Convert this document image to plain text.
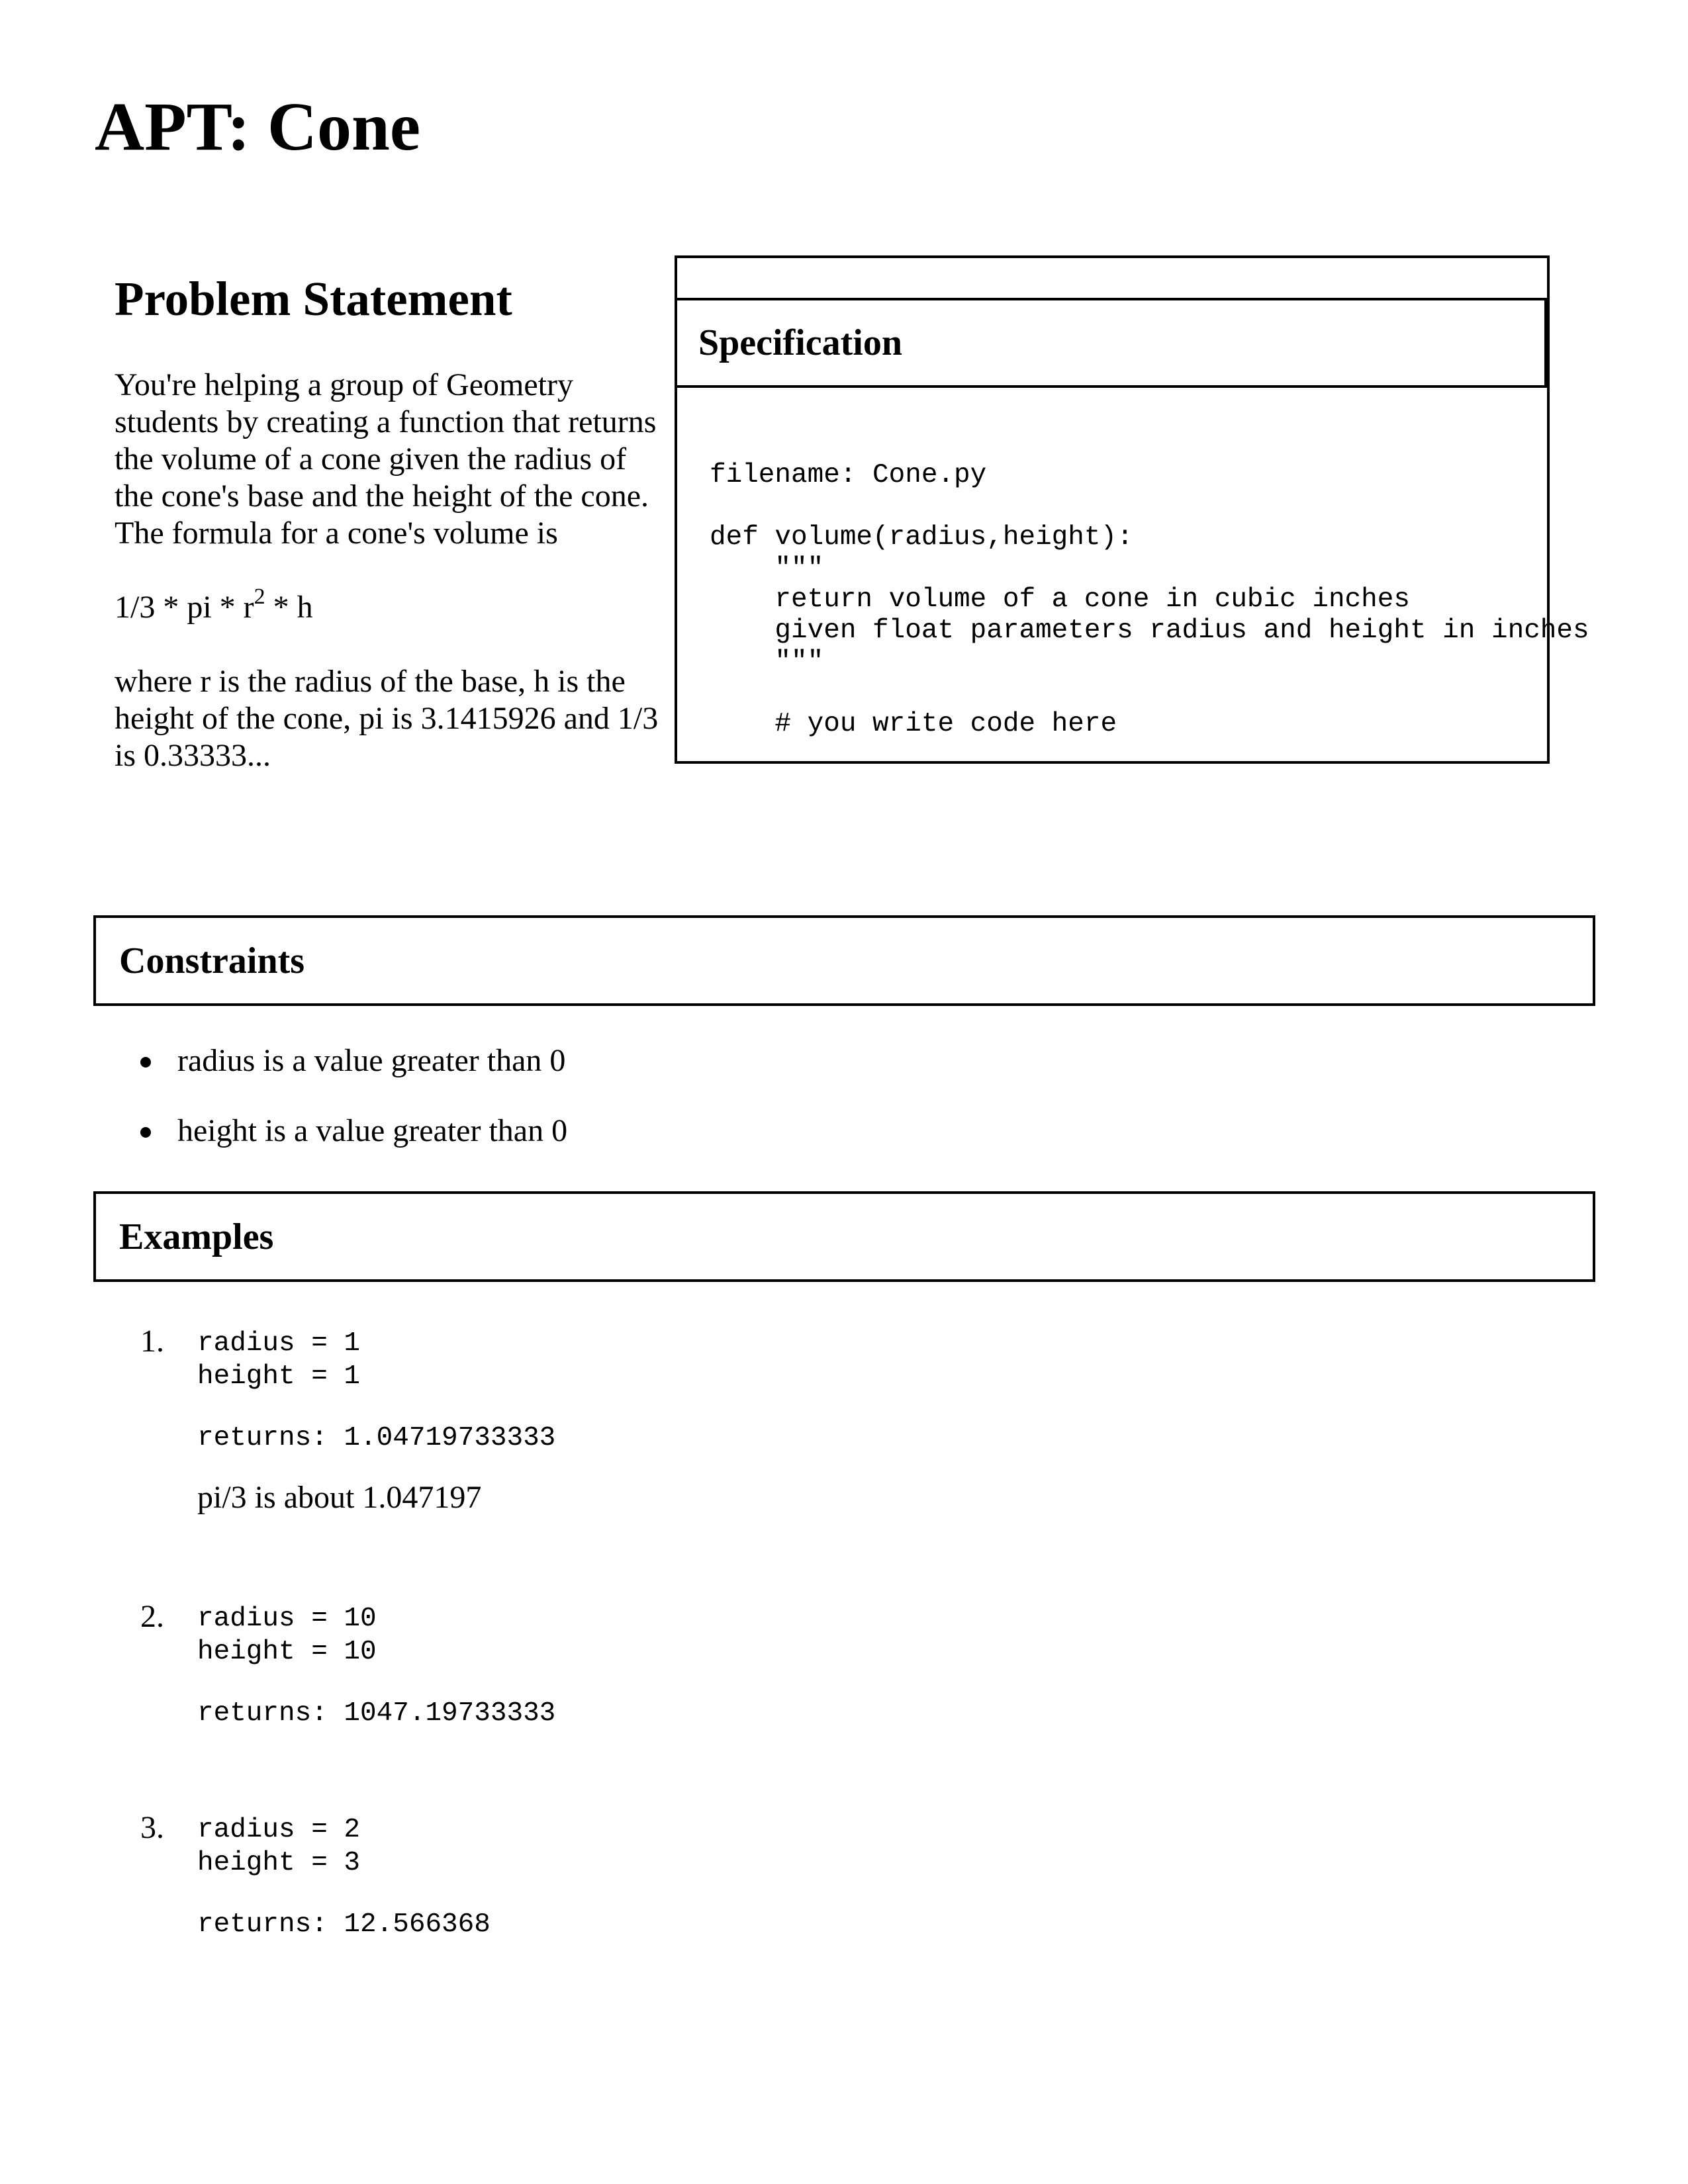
APT: Cone
Problem Statement

You're helping a group of Geometry students by creating a function that returns the volume of a cone given the radius of the cone's base and the height of the cone. The formula for a cone's volume is

1/3 * pi * $r^2$ * h

where r is the radius of the base, h is the height of the cone, pi is 3.1415926 and 1/3 is 0.33333...

Specification
filename: Cone.py

def volume(radius,height):
"""
return volume of a cone in cubic inches
given float parameters radius and height in inches
"""

# you write code here
Constraints
radius is a value greater than 0
height is a value greater than 0
Examples
1. radius = 1
height = 1
returns: 1.04719733333

pi/3 is about 1.047197

2. radius = 10
height = 10
returns: 1047.19733333
3. radius = 2
height = 3
returns: 12.566368
